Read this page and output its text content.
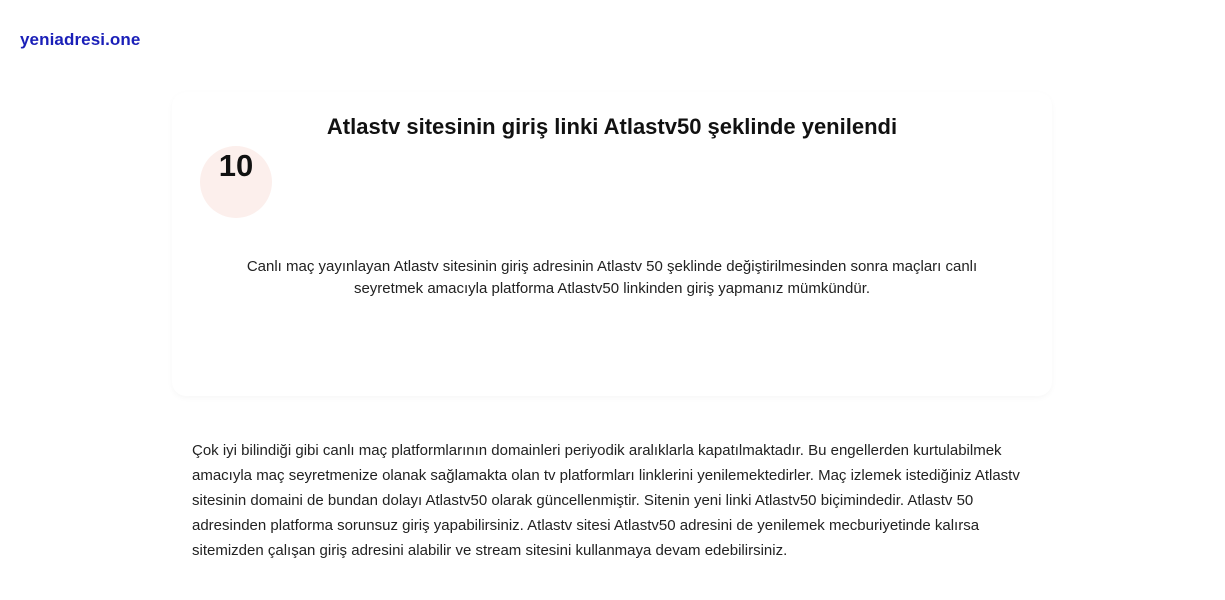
yeniadresi.one
Atlastv sitesinin giriş linki Atlastv50 şeklinde yenilendi
10

Canlı maç yayınlayan Atlastv sitesinin giriş adresinin Atlastv 50 şeklinde değiştirilmesinden sonra maçları canlı seyretmek amacıyla platforma Atlastv50 linkinden giriş yapmanız mümkündür.

Çok iyi bilindiği gibi canlı maç platformlarının domainleri periyodik aralıklarla kapatılmaktadır. Bu engellerden kurtulabilmek amacıyla maç seyretmenize olanak sağlamakta olan tv platformları linklerini yenilemektedirler. Maç izlemek istediğiniz Atlastv sitesinin domaini de bundan dolayı Atlastv50 olarak güncellenmiştir. Sitenin yeni linki Atlastv50 biçimindedir. Atlastv 50 adresinden platforma sorunsuz giriş yapabilirsiniz. Atlastv sitesi Atlastv50 adresini de yenilemek mecburiyetinde kalırsa sitemizden çalışan giriş adresini alabilir ve stream sitesini kullanmaya devam edebilirsiniz.
